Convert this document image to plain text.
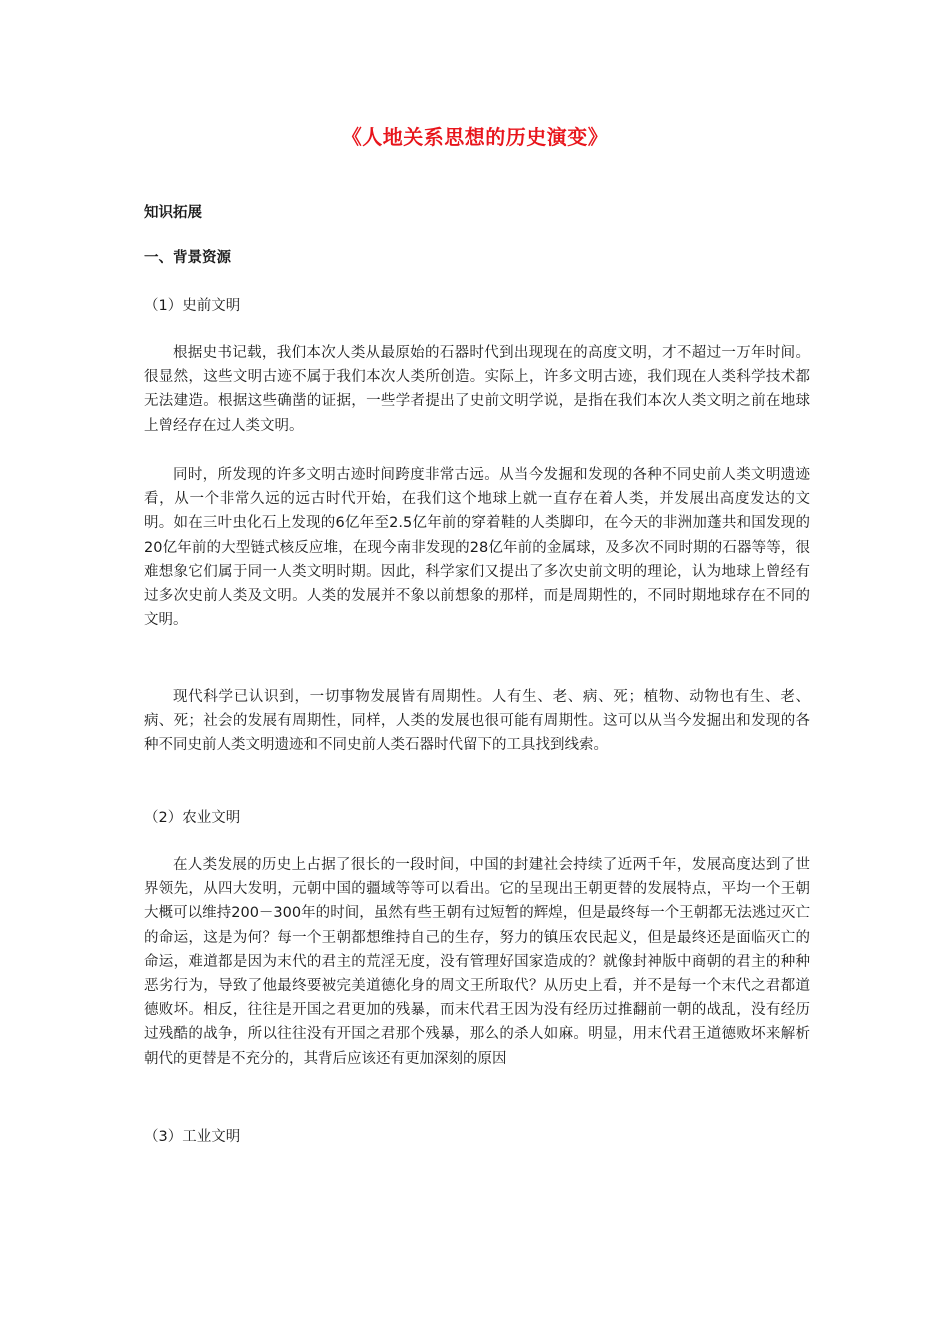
《人地关系思想的历史演变》
知识拓展
一、背景资源
（1）史前文明

根据史书记载，我们本次人类从最原始的石器时代到出现现在的高度文明，才不超过一万年时间。很显然，这些文明古迹不属于我们本次人类所创造。实际上，许多文明古迹，我们现在人类科学技术都无法建造。根据这些确凿的证据，一些学者提出了史前文明学说，是指在我们本次人类文明之前在地球上曾经存在过人类文明。

同时，所发现的许多文明古迹时间跨度非常古远。从当今发掘和发现的各种不同史前人类文明遗迹看，从一个非常久远的远古时代开始，在我们这个地球上就一直存在着人类，并发展出高度发达的文明。如在三叶虫化石上发现的6亿年至2.5亿年前的穿着鞋的人类脚印，在今天的非洲加蓬共和国发现的20亿年前的大型链式核反应堆，在现今南非发现的28亿年前的金属球，及多次不同时期的石器等等，很难想象它们属于同一人类文明时期。因此，科学家们又提出了多次史前文明的理论，认为地球上曾经有过多次史前人类及文明。人类的发展并不象以前想象的那样，而是周期性的，不同时期地球存在不同的文明。

现代科学已认识到，一切事物发展皆有周期性。人有生、老、病、死；植物、动物也有生、老、病、死；社会的发展有周期性，同样，人类的发展也很可能有周期性。这可以从当今发掘出和发现的各种不同史前人类文明遗迹和不同史前人类石器时代留下的工具找到线索。

（2）农业文明

在人类发展的历史上占据了很长的一段时间，中国的封建社会持续了近两千年，发展高度达到了世界领先，从四大发明，元朝中国的疆域等等可以看出。它的呈现出王朝更替的发展特点，平均一个王朝大概可以维持200－300年的时间，虽然有些王朝有过短暂的辉煌，但是最终每一个王朝都无法逃过灭亡的命运，这是为何？每一个王朝都想维持自己的生存，努力的镇压农民起义，但是最终还是面临灭亡的命运，难道都是因为末代的君主的荒淫无度，没有管理好国家造成的？就像封神版中商朝的君主的种种恶劣行为，导致了他最终要被完美道德化身的周文王所取代？从历史上看，并不是每一个末代之君都道德败坏。相反，往往是开国之君更加的残暴，而末代君王因为没有经历过推翻前一朝的战乱，没有经历过残酷的战争，所以往往没有开国之君那个残暴，那么的杀人如麻。明显，用末代君王道德败坏来解析朝代的更替是不充分的，其背后应该还有更加深刻的原因

（3）工业文明
